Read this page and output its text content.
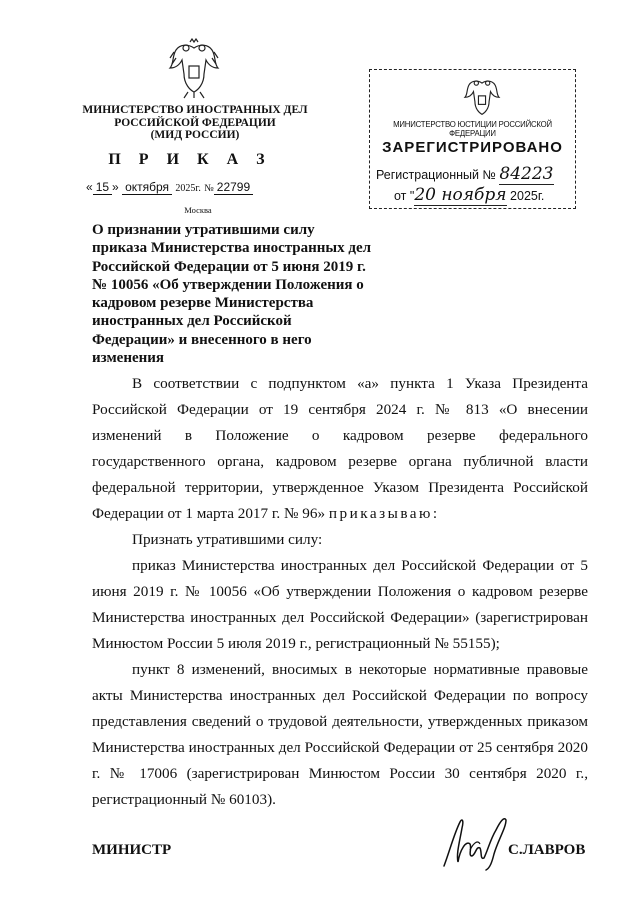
МИНИСТЕРСТВО ИНОСТРАННЫХ ДЕЛ
РОССИЙСКОЙ ФЕДЕРАЦИИ
(МИД РОССИИ)
П Р И К А З
« 15 » октября 2025г. № 22799
Москва
О признании утратившими силу приказа Министерства иностранных дел Российской Федерации от 5 июня 2019 г. № 10056 «Об утверждении Положения о кадровом резерве Министерства иностранных дел Российской Федерации» и внесенного в него изменения
МИНИСТЕРСТВО ЮСТИЦИИ РОССИЙСКОЙ ФЕДЕРАЦИИ
ЗАРЕГИСТРИРОВАНО
Регистрационный № 84223
от "20 ноября 2025г.

В соответствии с подпунктом «а» пункта 1 Указа Президента Российской Федерации от 19 сентября 2024 г. № 813 «О внесении изменений в Положение о кадровом резерве федерального государственного органа, кадровом резерве органа публичной власти федеральной территории, утвержденное Указом Президента Российской Федерации от 1 марта 2017 г. № 96» приказываю:

Признать утратившими силу:

приказ Министерства иностранных дел Российской Федерации от 5 июня 2019 г. № 10056 «Об утверждении Положения о кадровом резерве Министерства иностранных дел Российской Федерации» (зарегистрирован Минюстом России 5 июля 2019 г., регистрационный № 55155);

пункт 8 изменений, вносимых в некоторые нормативные правовые акты Министерства иностранных дел Российской Федерации по вопросу представления сведений о трудовой деятельности, утвержденных приказом Министерства иностранных дел Российской Федерации от 25 сентября 2020 г. № 17006 (зарегистрирован Минюстом России 30 сентября 2020 г., регистрационный № 60103).

МИНИСТР	С.ЛАВРОВ
